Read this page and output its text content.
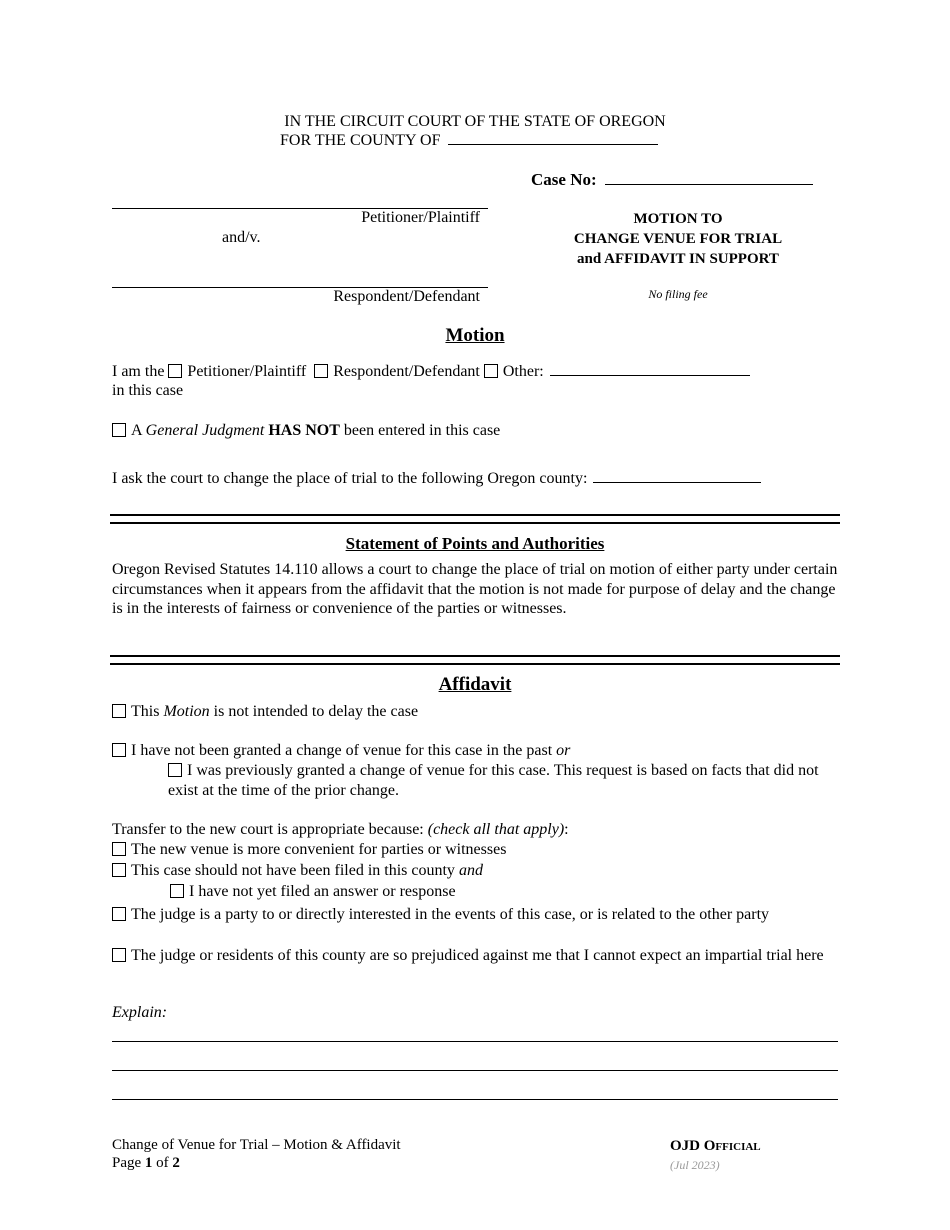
IN THE CIRCUIT COURT OF THE STATE OF OREGON
FOR THE COUNTY OF
Case No:
Petitioner/Plaintiff
and/v.
Respondent/Defendant
MOTION TO
CHANGE VENUE FOR TRIAL
and AFFIDAVIT IN SUPPORT
No filing fee
Motion
I am the Petitioner/Plaintiff Respondent/Defendant Other:
in this case
A General Judgment HAS NOT been entered in this case
I ask the court to change the place of trial to the following Oregon county:
Statement of Points and Authorities
Oregon Revised Statutes 14.110 allows a court to change the place of trial on motion of either party under certain circumstances when it appears from the affidavit that the motion is not made for purpose of delay and the change is in the interests of fairness or convenience of the parties or witnesses.
Affidavit
This Motion is not intended to delay the case
I have not been granted a change of venue for this case in the past or
I was previously granted a change of venue for this case. This request is based on facts that did not exist at the time of the prior change.
Transfer to the new court is appropriate because: (check all that apply):
The new venue is more convenient for parties or witnesses
This case should not have been filed in this county and
I have not yet filed an answer or response
The judge is a party to or directly interested in the events of this case, or is related to the other party
The judge or residents of this county are so prejudiced against me that I cannot expect an impartial trial here
Explain:
Change of Venue for Trial – Motion & Affidavit
Page 1 of 2
OJD Official
(Jul 2023)
